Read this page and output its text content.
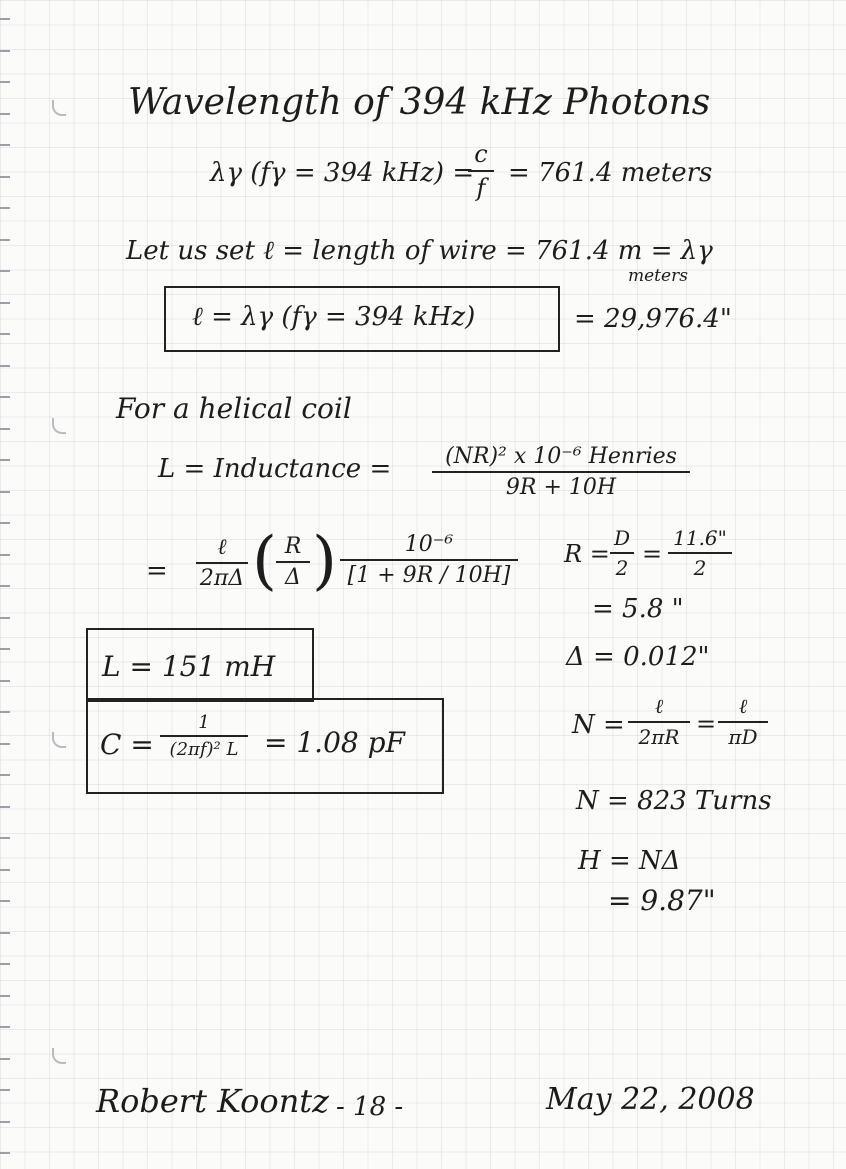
Wavelength of 394 kHz Photons
λγ (fγ = 394 kHz) =
c
f = 761.4 meters
Let us set ℓ = length of wire = 761.4 m = λγ
meters
ℓ = λγ (fγ = 394 kHz)	= 29,976.4"
For a helical coil
L = Inductance =	(NR)² x 10⁻⁶ Henries
9R + 10H
=
ℓ
2πΔ ( R
Δ )	10⁻⁶
[1 + 9R / 10H]
R =
D
2 =
11.6"
2
= 5.8 "
Δ = 0.012"
L = 151 mH
C =
1
(2πf)² L = 1.08 pF
N =
ℓ
2πR =
ℓ
πD
N = 823 Turns
H = NΔ
= 9.87"
Robert Koontz - 18 -	May 22, 2008
